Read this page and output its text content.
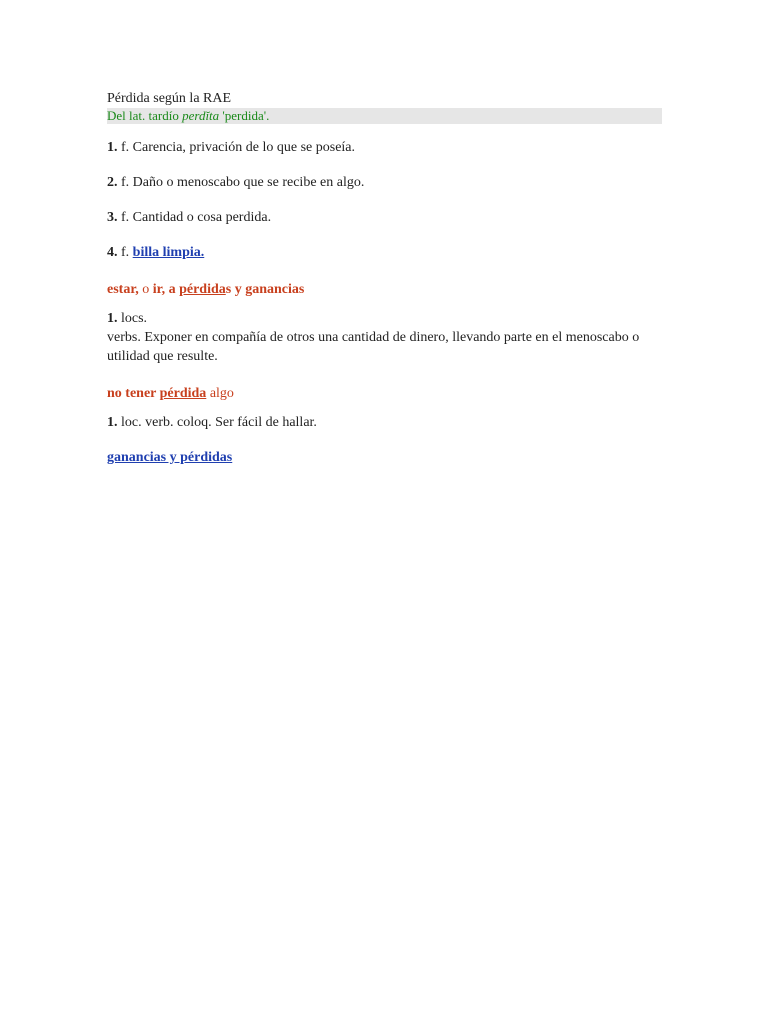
Pérdida según la RAE

Del lat. tardío perdĭta 'perdida'.

1. f. Carencia, privación de lo que se poseía.

2. f. Daño o menoscabo que se recibe en algo.

3. f. Cantidad o cosa perdida.

4. f. billa limpia.

estar, o ir, a pérdidas y ganancias

1. locs.
verbs. Exponer en compañía de otros una cantidad de dinero, llevando parte en el menoscabo o utilidad que resulte.

no tener pérdida algo

1. loc. verb. coloq. Ser fácil de hallar.

ganancias y pérdidas
